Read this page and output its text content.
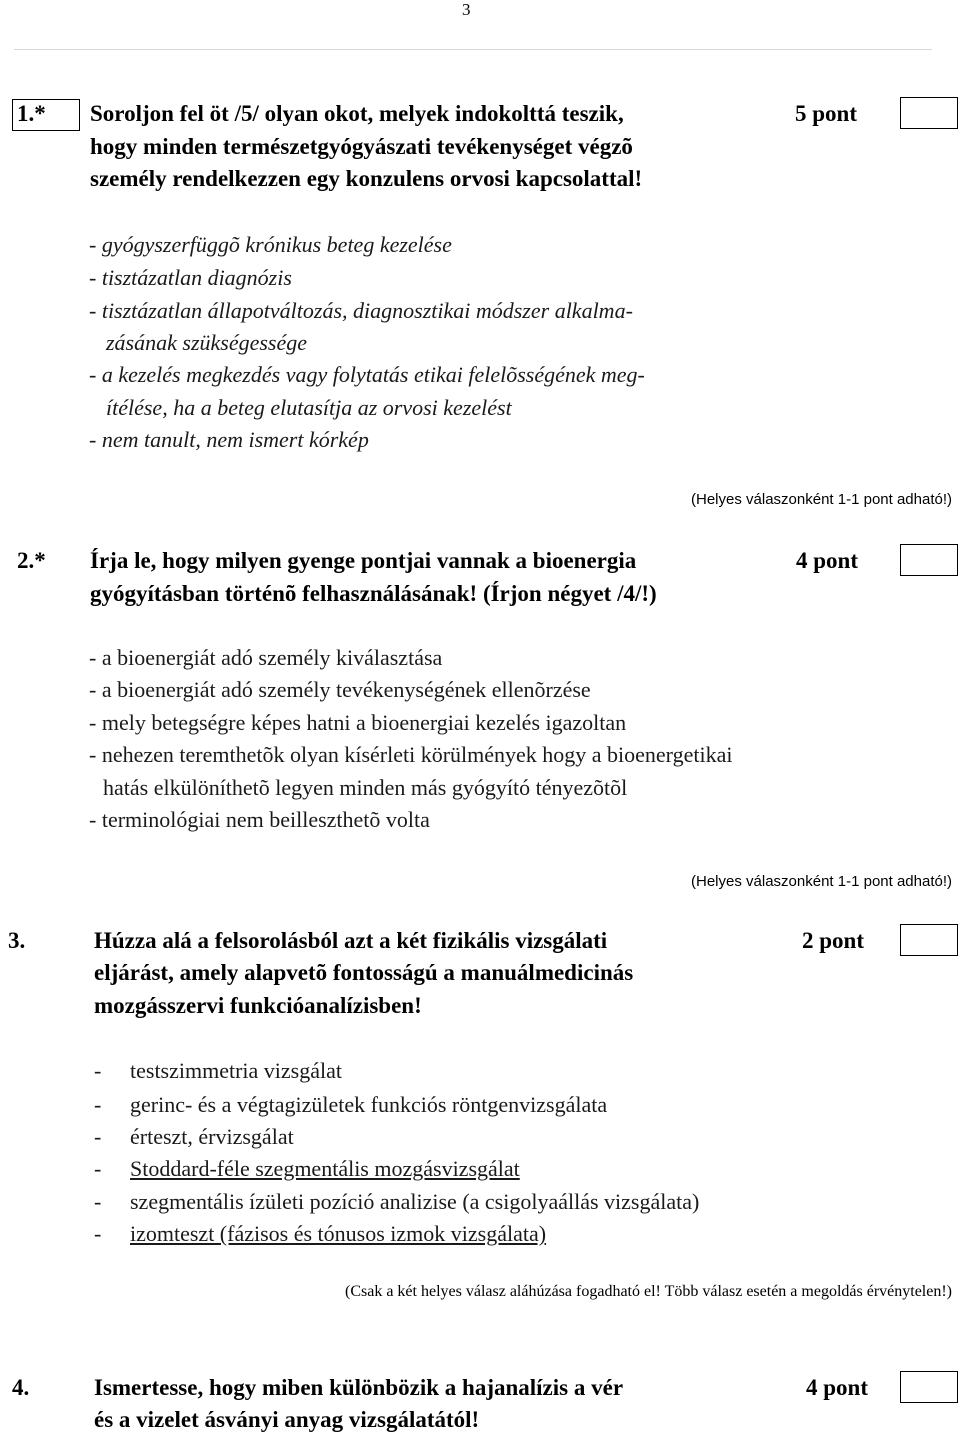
3
1.* Soroljon fel öt /5/ olyan okot, melyek indokolttá teszik,
hogy minden természetgyógyászati tevékenységet végzõ
személy rendelkezzen egy konzulens orvosi kapcsolattal!
5 pont
- gyógyszerfüggõ krónikus beteg kezelése
- tisztázatlan diagnózis
- tisztázatlan állapotváltozás, diagnosztikai módszer alkalma-
zásának szükségessége
- a kezelés megkezdés vagy folytatás etikai felelõsségének meg-
ítélése, ha a beteg elutasítja az orvosi kezelést
- nem tanult, nem ismert kórkép
(Helyes válaszonként 1-1 pont adható!)
2.* Írja le, hogy milyen gyenge pontjai vannak a bioenergia
gyógyításban történõ felhasználásának! (Írjon négyet /4/!)
4 pont
- a bioenergiát adó személy kiválasztása
- a bioenergiát adó személy tevékenységének ellenõrzése
- mely betegségre képes hatni a bioenergiai kezelés igazoltan
- nehezen teremthetõk olyan kísérleti körülmények hogy a bioenergetikai
hatás elkülöníthetõ legyen minden más gyógyító tényezõtõl
- terminológiai nem beilleszthetõ volta
(Helyes válaszonként 1-1 pont adható!)
3.	Húzza alá a felsorolásból azt a két fizikális vizsgálati
eljárást, amely alapvetõ fontosságú a manuálmedicinás
mozgásszervi funkcióanalízisben!
2 pont
- testszimmetria vizsgálat
- gerinc- és a végtagizületek funkciós röntgenvizsgálata
- érteszt, érvizsgálat
- Stoddard-féle szegmentális mozgásvizsgálat
- szegmentális ízületi pozíció analizise (a csigolyaállás vizsgálata)
- izomteszt (fázisos és tónusos izmok vizsgálata)
(Csak a két helyes válasz aláhúzása fogadható el! Több válasz esetén a megoldás érvénytelen!)
4.	Ismertesse, hogy miben különbözik a hajanalízis a vér
és a vizelet ásványi anyag vizsgálatától!
4 pont
